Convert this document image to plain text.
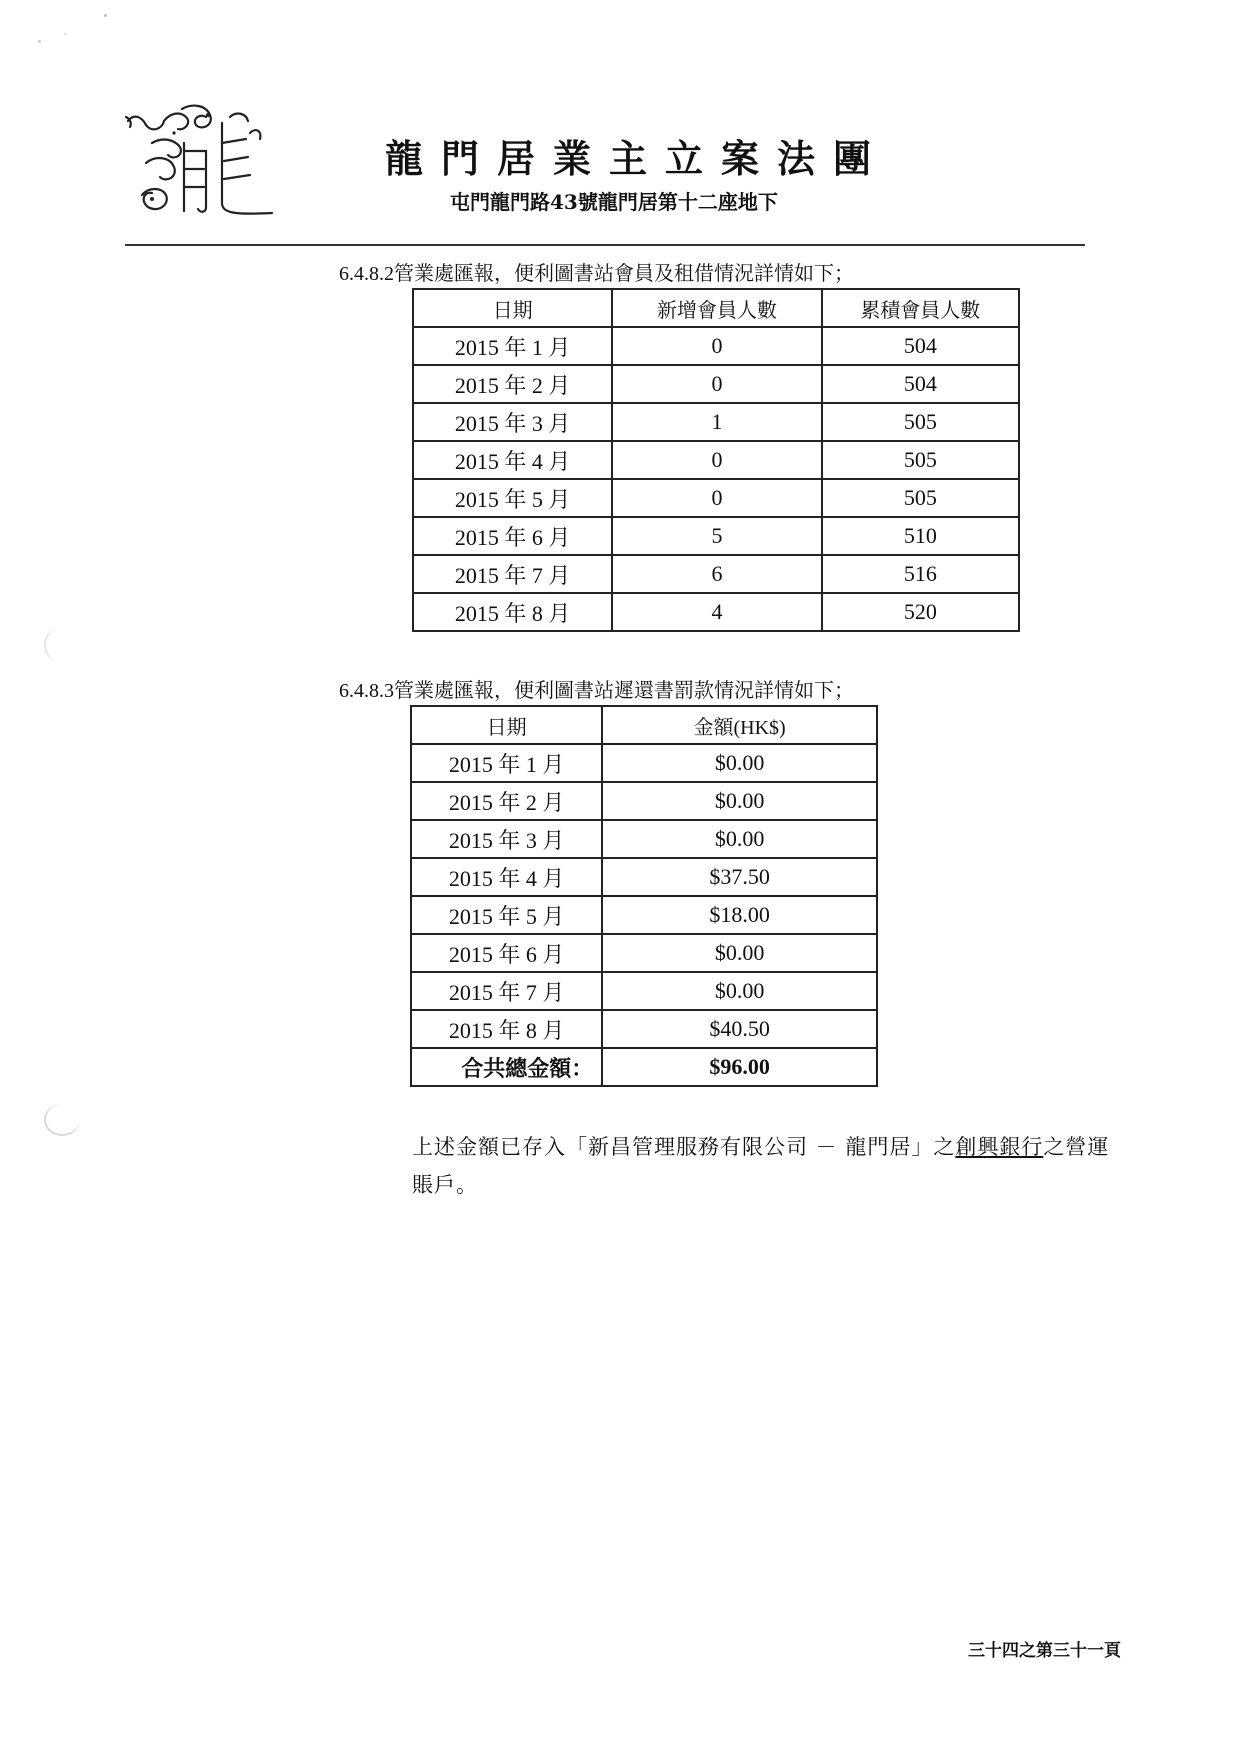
龍門居業主立案法團
屯門龍門路43號龍門居第十二座地下
6.4.8.2管業處匯報，便利圖書站會員及租借情況詳情如下；
日期	新增會員人數	累積會員人數
2015 年 1 月	0	504
2015 年 2 月	0	504
2015 年 3 月	1	505
2015 年 4 月	0	505
2015 年 5 月	0	505
2015 年 6 月	5	510
2015 年 7 月	6	516
2015 年 8 月	4	520
6.4.8.3管業處匯報，便利圖書站遲還書罰款情況詳情如下；
日期	金額(HK$)
2015 年 1 月	$0.00
2015 年 2 月	$0.00
2015 年 3 月	$0.00
2015 年 4 月	$37.50
2015 年 5 月	$18.00
2015 年 6 月	$0.00
2015 年 7 月	$0.00
2015 年 8 月	$40.50
合共總金額：	$96.00
上述金額已存入「新昌管理服務有限公司 － 龍門居」之創興銀行之營運賬戶。
三十四之第三十一頁
